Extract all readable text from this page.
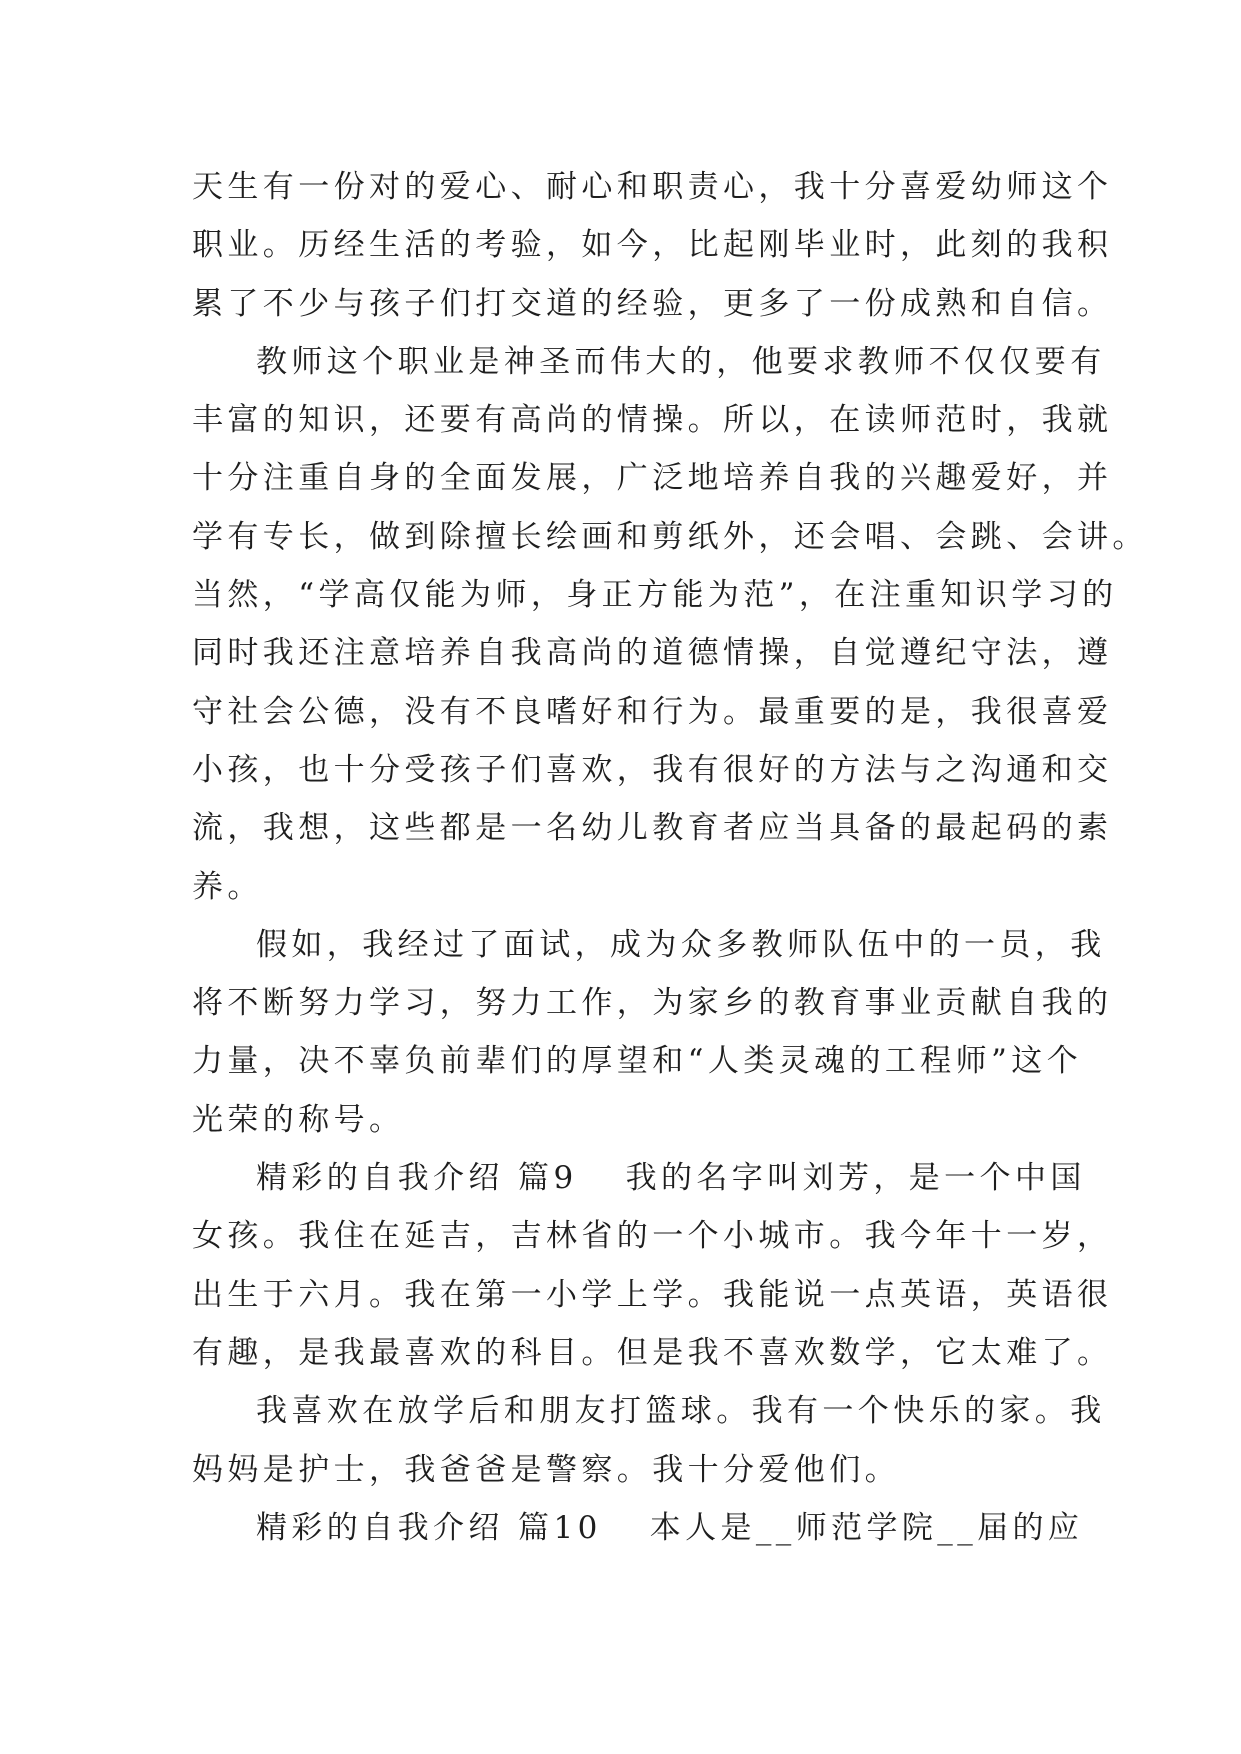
天生有一份对的爱心、耐心和职责心，我十分喜爱幼师这个
职业。历经生活的考验，如今，比起刚毕业时，此刻的我积
累了不少与孩子们打交道的经验，更多了一份成熟和自信。
教师这个职业是神圣而伟大的，他要求教师不仅仅要有
丰富的知识，还要有高尚的情操。所以，在读师范时，我就
十分注重自身的全面发展，广泛地培养自我的兴趣爱好，并
学有专长，做到除擅长绘画和剪纸外，还会唱、会跳、会讲。
当然，“学高仅能为师，身正方能为范”，在注重知识学习的
同时我还注意培养自我高尚的道德情操，自觉遵纪守法，遵
守社会公德，没有不良嗜好和行为。最重要的是，我很喜爱
小孩，也十分受孩子们喜欢，我有很好的方法与之沟通和交
流，我想，这些都是一名幼儿教育者应当具备的最起码的素
养。
假如，我经过了面试，成为众多教师队伍中的一员，我
将不断努力学习，努力工作，为家乡的教育事业贡献自我的
力量，决不辜负前辈们的厚望和“人类灵魂的工程师”这个
光荣的称号。
精彩的自我介绍 篇9 我的名字叫刘芳，是一个中国
女孩。我住在延吉，吉林省的一个小城市。我今年十一岁，
出生于六月。我在第一小学上学。我能说一点英语，英语很
有趣，是我最喜欢的科目。但是我不喜欢数学，它太难了。
我喜欢在放学后和朋友打篮球。我有一个快乐的家。我
妈妈是护士，我爸爸是警察。我十分爱他们。
精彩的自我介绍 篇10 本人是__师范学院__届的应
